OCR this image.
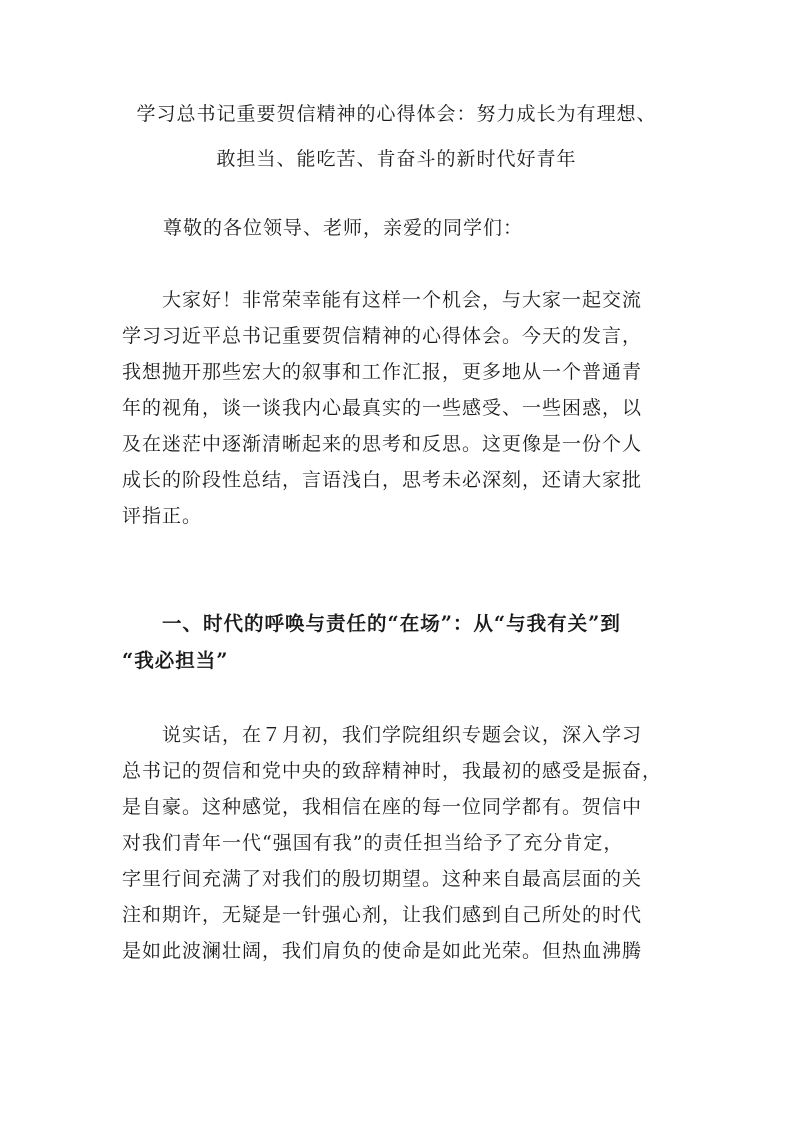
学习总书记重要贺信精神的心得体会：努力成长为有理想、
敢担当、能吃苦、肯奋斗的新时代好青年
尊敬的各位领导、老师，亲爱的同学们：
大家好！非常荣幸能有这样一个机会，与大家一起交流
学习习近平总书记重要贺信精神的心得体会。今天的发言，
我想抛开那些宏大的叙事和工作汇报，更多地从一个普通青
年的视角，谈一谈我内心最真实的一些感受、一些困惑，以
及在迷茫中逐渐清晰起来的思考和反思。这更像是一份个人
成长的阶段性总结，言语浅白，思考未必深刻，还请大家批
评指正。
一、时代的呼唤与责任的“在场”：从“与我有关”到
“我必担当”
说实话，在７月初，我们学院组织专题会议，深入学习
总书记的贺信和党中央的致辞精神时，我最初的感受是振奋，
是自豪。这种感觉，我相信在座的每一位同学都有。贺信中
对我们青年一代“强国有我”的责任担当给予了充分肯定，
字里行间充满了对我们的殷切期望。这种来自最高层面的关
注和期许，无疑是一针强心剂，让我们感到自己所处的时代
是如此波澜壮阔，我们肩负的使命是如此光荣。但热血沸腾
